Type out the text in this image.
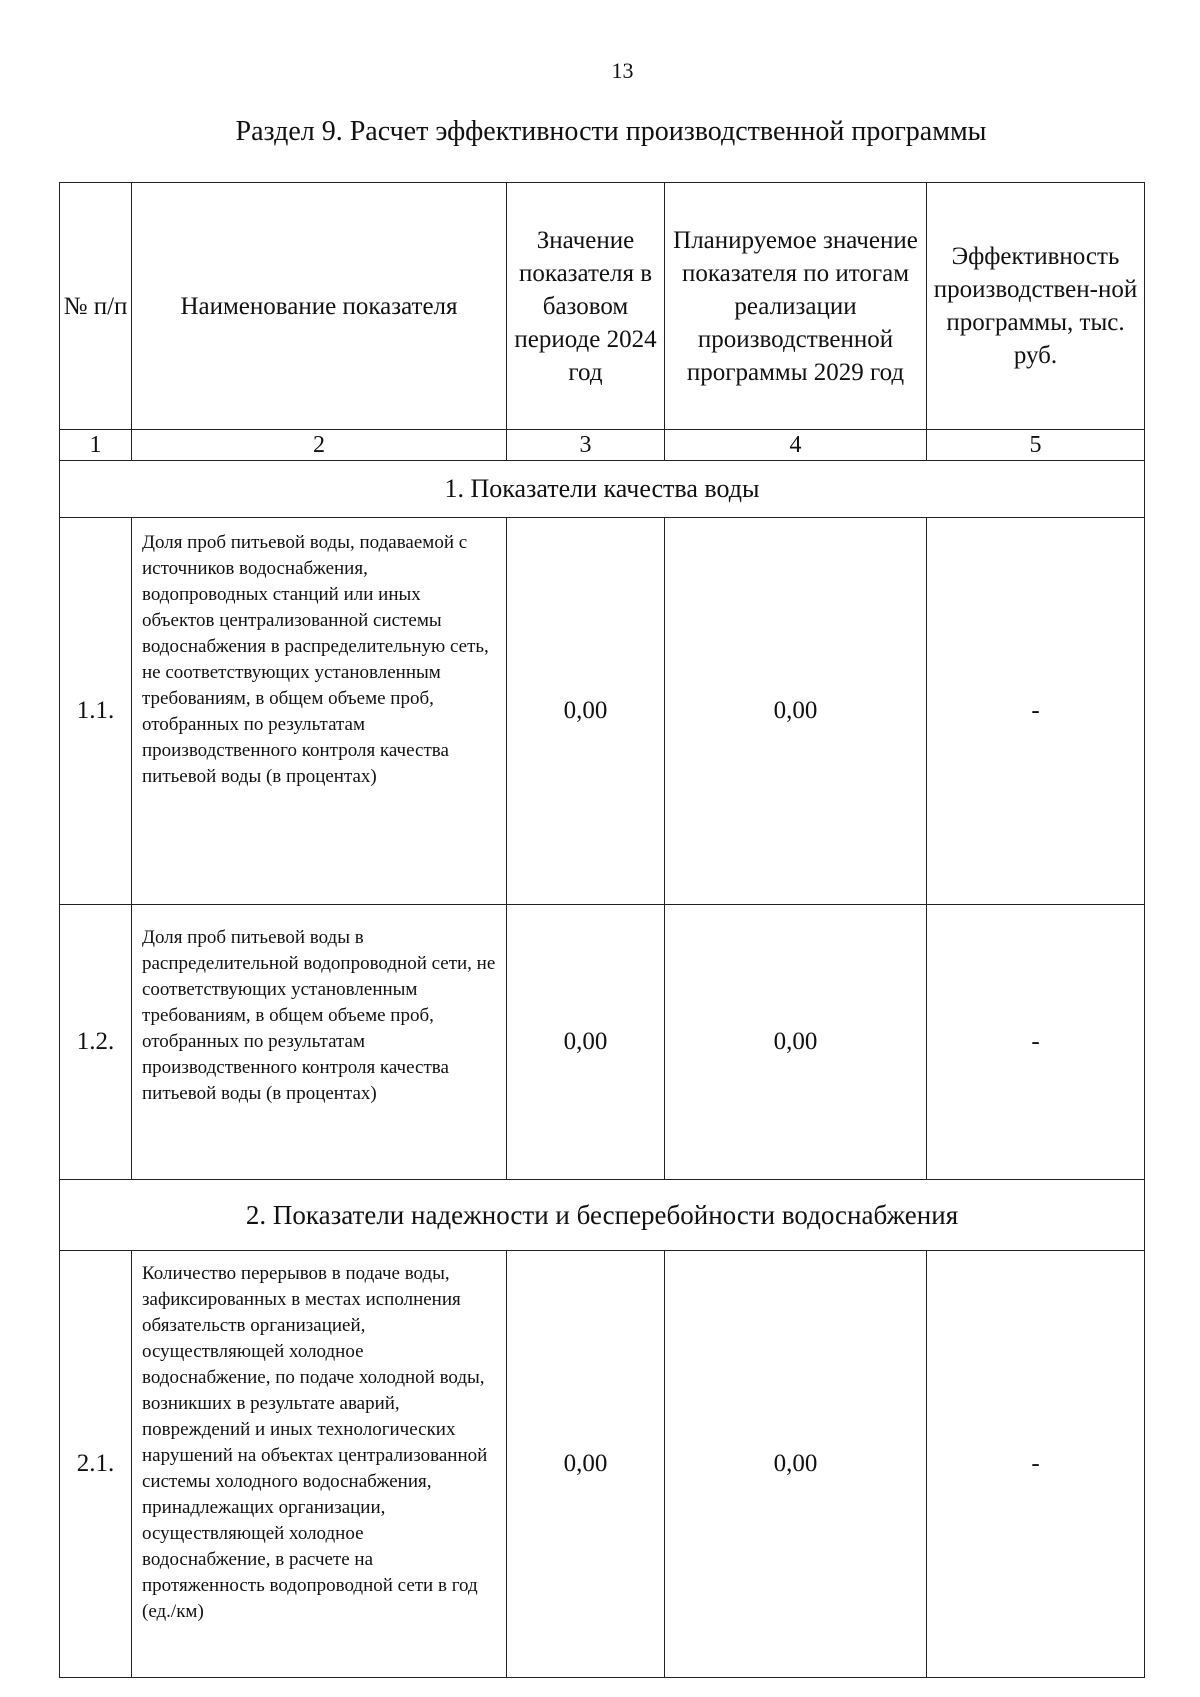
13
Раздел 9. Расчет эффективности производственной программы
№ п/п	Наименование показателя	Значение показателя в базовом периоде 2024 год	Планируемое значение показателя по итогам реализации производственной программы 2029 год	Эффективность производствен-ной программы, тыс. руб.
1	2	3	4	5
1. Показатели качества воды				
1.1.	Доля проб питьевой воды, подаваемой с источников водоснабжения, водопроводных станций или иных объектов централизованной системы водоснабжения в распределительную сеть, не соответствующих установленным требованиям, в общем объеме проб, отобранных по результатам производственного контроля качества питьевой воды (в процентах)	0,00	0,00	-
1.2.	Доля проб питьевой воды в распределительной водопроводной сети, не соответствующих установленным требованиям, в общем объеме проб, отобранных по результатам производственного контроля качества питьевой воды (в процентах)	0,00	0,00	-
2. Показатели надежности и бесперебойности водоснабжения				
2.1.	Количество перерывов в подаче воды, зафиксированных в местах исполнения обязательств организацией, осуществляющей холодное водоснабжение, по подаче холодной воды, возникших в результате аварий, повреждений и иных технологических нарушений на объектах централизованной системы холодного водоснабжения, принадлежащих организации, осуществляющей холодное водоснабжение, в расчете на протяженность водопроводной сети в год (ед./км)	0,00	0,00	-
